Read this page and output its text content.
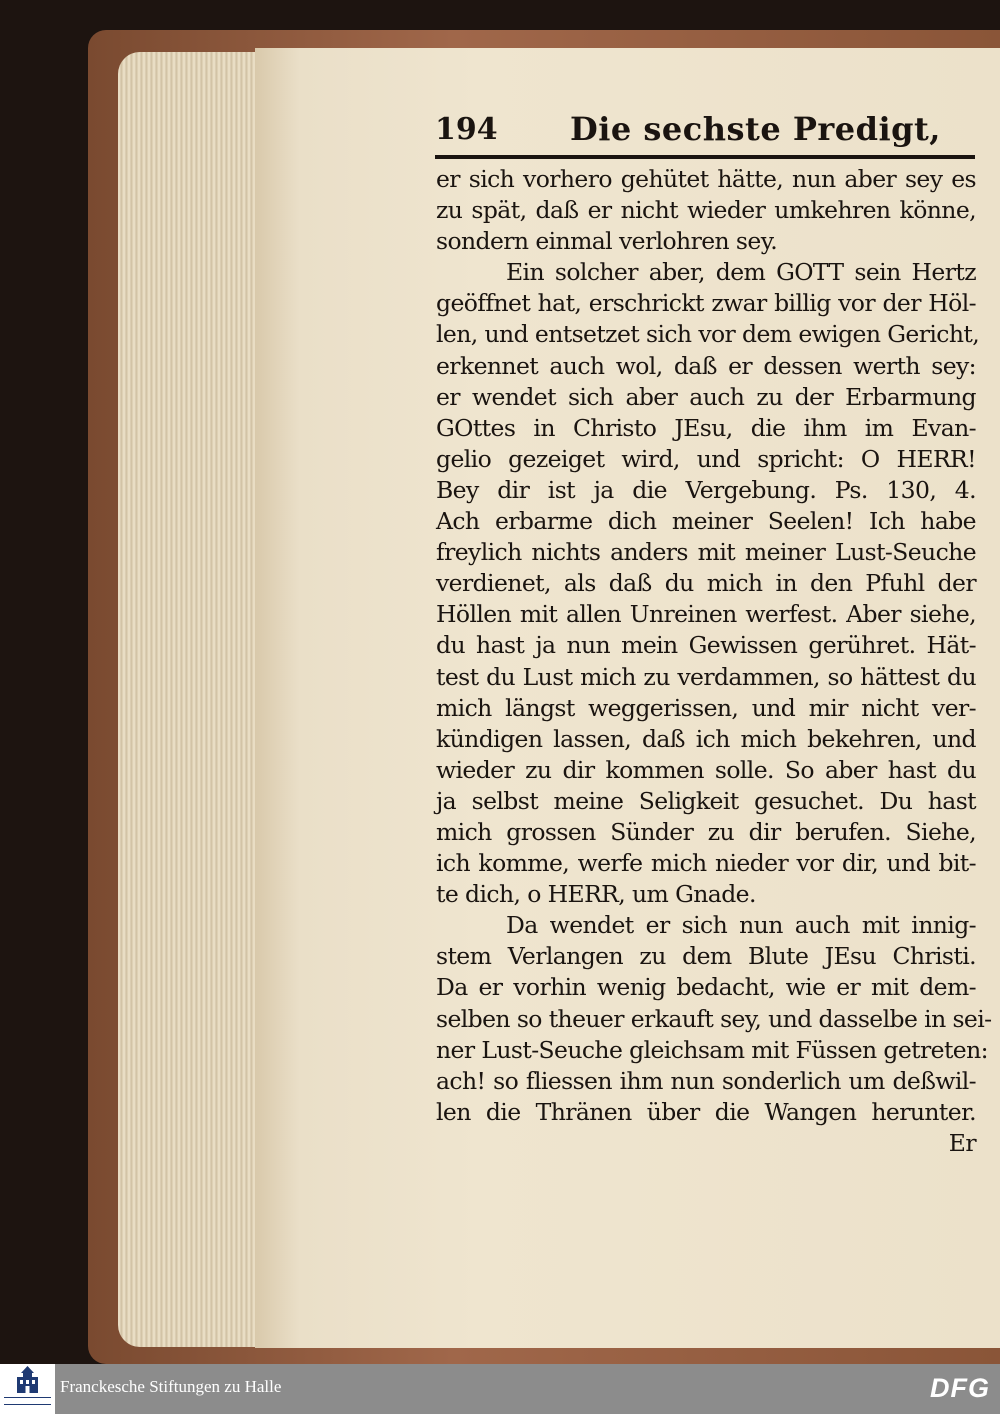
194 Die sechste Predigt,
er sich vorhero gehütet hätte, nun aber sey es
zu spät, daß er nicht wieder umkehren könne,
sondern einmal verlohren sey.
Ein solcher aber, dem GOTT sein Hertz
geöffnet hat, erschrickt zwar billig vor der Höl-
len, und entsetzet sich vor dem ewigen Gericht,
erkennet auch wol, daß er dessen werth sey:
er wendet sich aber auch zu der Erbarmung
GOttes in Christo JEsu, die ihm im Evan-
gelio gezeiget wird, und spricht: O HERR!
Bey dir ist ja die Vergebung. Ps. 130, 4.
Ach erbarme dich meiner Seelen! Ich habe
freylich nichts anders mit meiner Lust-Seuche
verdienet, als daß du mich in den Pfuhl der
Höllen mit allen Unreinen werfest. Aber siehe,
du hast ja nun mein Gewissen gerühret. Hät-
test du Lust mich zu verdammen, so hättest du
mich längst weggerissen, und mir nicht ver-
kündigen lassen, daß ich mich bekehren, und
wieder zu dir kommen solle. So aber hast du
ja selbst meine Seligkeit gesuchet. Du hast
mich grossen Sünder zu dir berufen. Siehe,
ich komme, werfe mich nieder vor dir, und bit-
te dich, o HERR, um Gnade.
Da wendet er sich nun auch mit innig-
stem Verlangen zu dem Blute JEsu Christi.
Da er vorhin wenig bedacht, wie er mit dem-
selben so theuer erkauft sey, und dasselbe in sei-
ner Lust-Seuche gleichsam mit Füssen getreten:
ach! so fliessen ihm nun sonderlich um deßwil-
len die Thränen über die Wangen herunter.
Er
Franckesche Stiftungen zu Halle	DFG
